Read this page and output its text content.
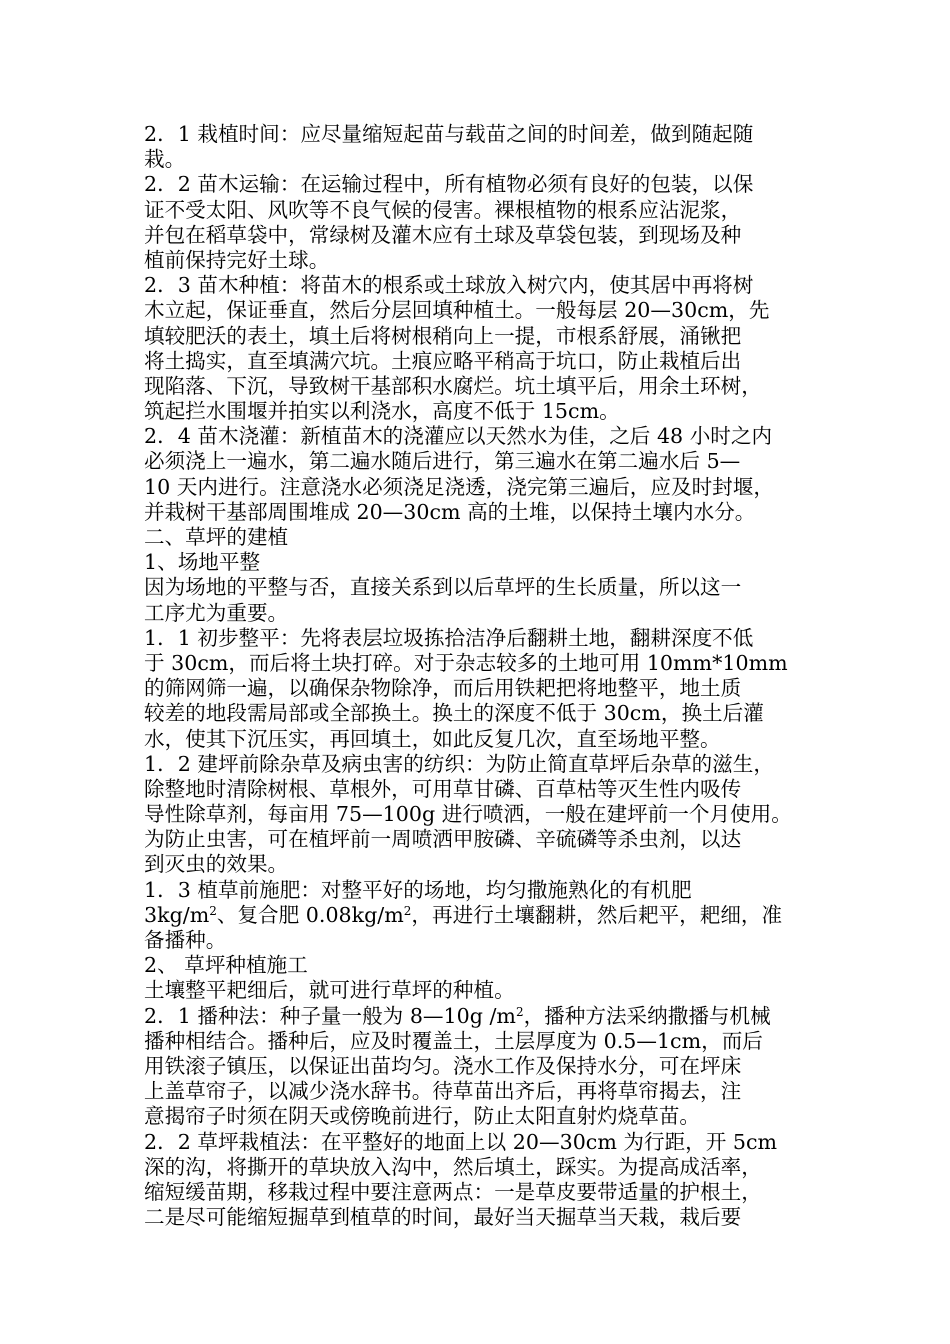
2．1 栽植时间：应尽量缩短起苗与载苗之间的时间差，做到随起随
栽。
2．2 苗木运输：在运输过程中，所有植物必须有良好的包装，以保
证不受太阳、风吹等不良气候的侵害。裸根植物的根系应沾泥浆，
并包在稻草袋中，常绿树及灌木应有土球及草袋包装，到现场及种
植前保持完好土球。
2．3 苗木种植：将苗木的根系或土球放入树穴内，使其居中再将树
木立起，保证垂直，然后分层回填种植土。一般每层 20—30cm，先
填较肥沃的表土，填土后将树根稍向上一提，市根系舒展，涌锹把
将土捣实，直至填满穴坑。土痕应略平稍高于坑口，防止栽植后出
现陷落、下沉，导致树干基部积水腐烂。坑土填平后，用余土环树，
筑起拦水围堰并拍实以利浇水，高度不低于 15cm。
2．4 苗木浇灌：新植苗木的浇灌应以天然水为佳，之后 48 小时之内
必须浇上一遍水，第二遍水随后进行，第三遍水在第二遍水后 5—
10 天内进行。注意浇水必须浇足浇透，浇完第三遍后，应及时封堰，
并栽树干基部周围堆成 20—30cm 高的土堆，以保持土壤内水分。
二、草坪的建植
1、场地平整
因为场地的平整与否，直接关系到以后草坪的生长质量，所以这一
工序尤为重要。
1．1 初步整平：先将表层垃圾拣拾洁净后翻耕土地，翻耕深度不低
于 30cm，而后将土块打碎。对于杂志较多的土地可用 10mm*10mm
的筛网筛一遍，以确保杂物除净，而后用铁耙把将地整平，地土质
较差的地段需局部或全部换土。换土的深度不低于 30cm，换土后灌
水，使其下沉压实，再回填土，如此反复几次，直至场地平整。
1．2 建坪前除杂草及病虫害的纺织：为防止简直草坪后杂草的滋生，
除整地时清除树根、草根外，可用草甘磷、百草枯等灭生性内吸传
导性除草剂，每亩用 75—100g 进行喷洒，一般在建坪前一个月使用。
为防止虫害，可在植坪前一周喷洒甲胺磷、辛硫磷等杀虫剂，以达
到灭虫的效果。
1．3 植草前施肥：对整平好的场地，均匀撒施熟化的有机肥
$3kg/m^2$、复合肥 $0.08kg/m^2$，再进行土壤翻耕，然后耙平，耙细，准
备播种。
2、 草坪种植施工
土壤整平耙细后，就可进行草坪的种植。
2．1 播种法：种子量一般为 8—10g $/m^2$，播种方法采纳撒播与机械
播种相结合。播种后，应及时覆盖土，土层厚度为 0.5—1cm，而后
用铁滚子镇压，以保证出苗均匀。浇水工作及保持水分，可在坪床
上盖草帘子，以减少浇水辞书。待草苗出齐后，再将草帘揭去，注
意揭帘子时须在阴天或傍晚前进行，防止太阳直射灼烧草苗。
2．2 草坪栽植法：在平整好的地面上以 20—30cm 为行距，开 5cm
深的沟，将撕开的草块放入沟中，然后填土，踩实。为提高成活率，
缩短缓苗期，移栽过程中要注意两点：一是草皮要带适量的护根土，
二是尽可能缩短掘草到植草的时间，最好当天掘草当天栽，栽后要
